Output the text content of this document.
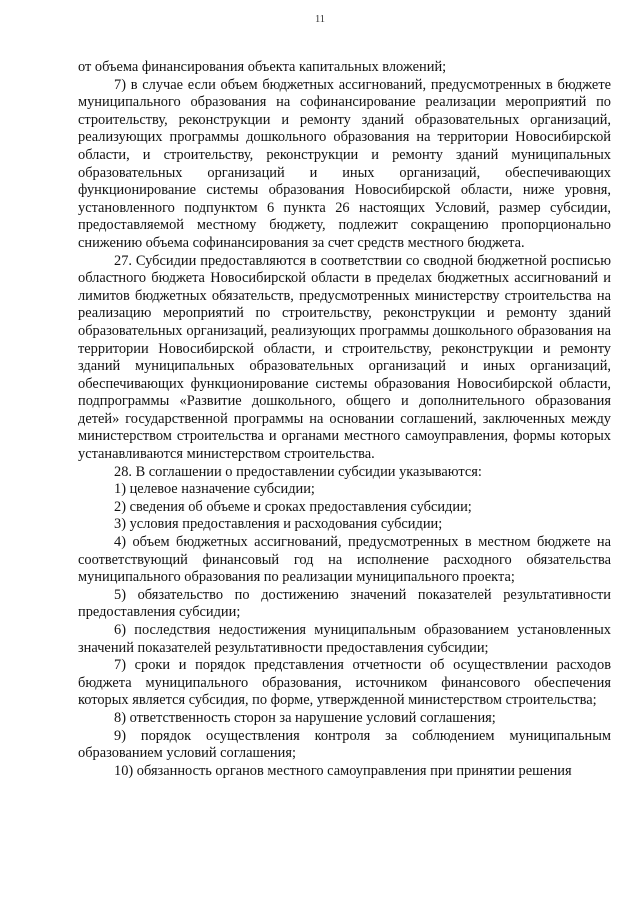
11

от объема финансирования объекта капитальных вложений;

7) в случае если объем бюджетных ассигнований, предусмотренных в бюджете муниципального образования на софинансирование реализации мероприятий по строительству, реконструкции и ремонту зданий образовательных организаций, реализующих программы дошкольного образования на территории Новосибирской области, и строительству, реконструкции и ремонту зданий муниципальных образовательных организаций и иных организаций, обеспечивающих функционирование системы образования Новосибирской области, ниже уровня, установленного подпунктом 6 пункта 26 настоящих Условий, размер субсидии, предоставляемой местному бюджету, подлежит сокращению пропорционально снижению объема софинансирования за счет средств местного бюджета.

27. Субсидии предоставляются в соответствии со сводной бюджетной росписью областного бюджета Новосибирской области в пределах бюджетных ассигнований и лимитов бюджетных обязательств, предусмотренных министерству строительства на реализацию мероприятий по строительству, реконструкции и ремонту зданий образовательных организаций, реализующих программы дошкольного образования на территории Новосибирской области, и строительству, реконструкции и ремонту зданий муниципальных образовательных организаций и иных организаций, обеспечивающих функционирование системы образования Новосибирской области, подпрограммы «Развитие дошкольного, общего и дополнительного образования детей» государственной программы на основании соглашений, заключенных между министерством строительства и органами местного самоуправления, формы которых устанавливаются министерством строительства.

28. В соглашении о предоставлении субсидии указываются:

1) целевое назначение субсидии;

2) сведения об объеме и сроках предоставления субсидии;

3) условия предоставления и расходования субсидии;

4) объем бюджетных ассигнований, предусмотренных в местном бюджете на соответствующий финансовый год на исполнение расходного обязательства муниципального образования по реализации муниципального проекта;

5) обязательство по достижению значений показателей результативности предоставления субсидии;

6) последствия недостижения муниципальным образованием установленных значений показателей результативности предоставления субсидии;

7) сроки и порядок представления отчетности об осуществлении расходов бюджета муниципального образования, источником финансового обеспечения которых является субсидия, по форме, утвержденной министерством строительства;

8) ответственность сторон за нарушение условий соглашения;

9) порядок осуществления контроля за соблюдением муниципальным образованием условий соглашения;

10) обязанность органов местного самоуправления при принятии решения
